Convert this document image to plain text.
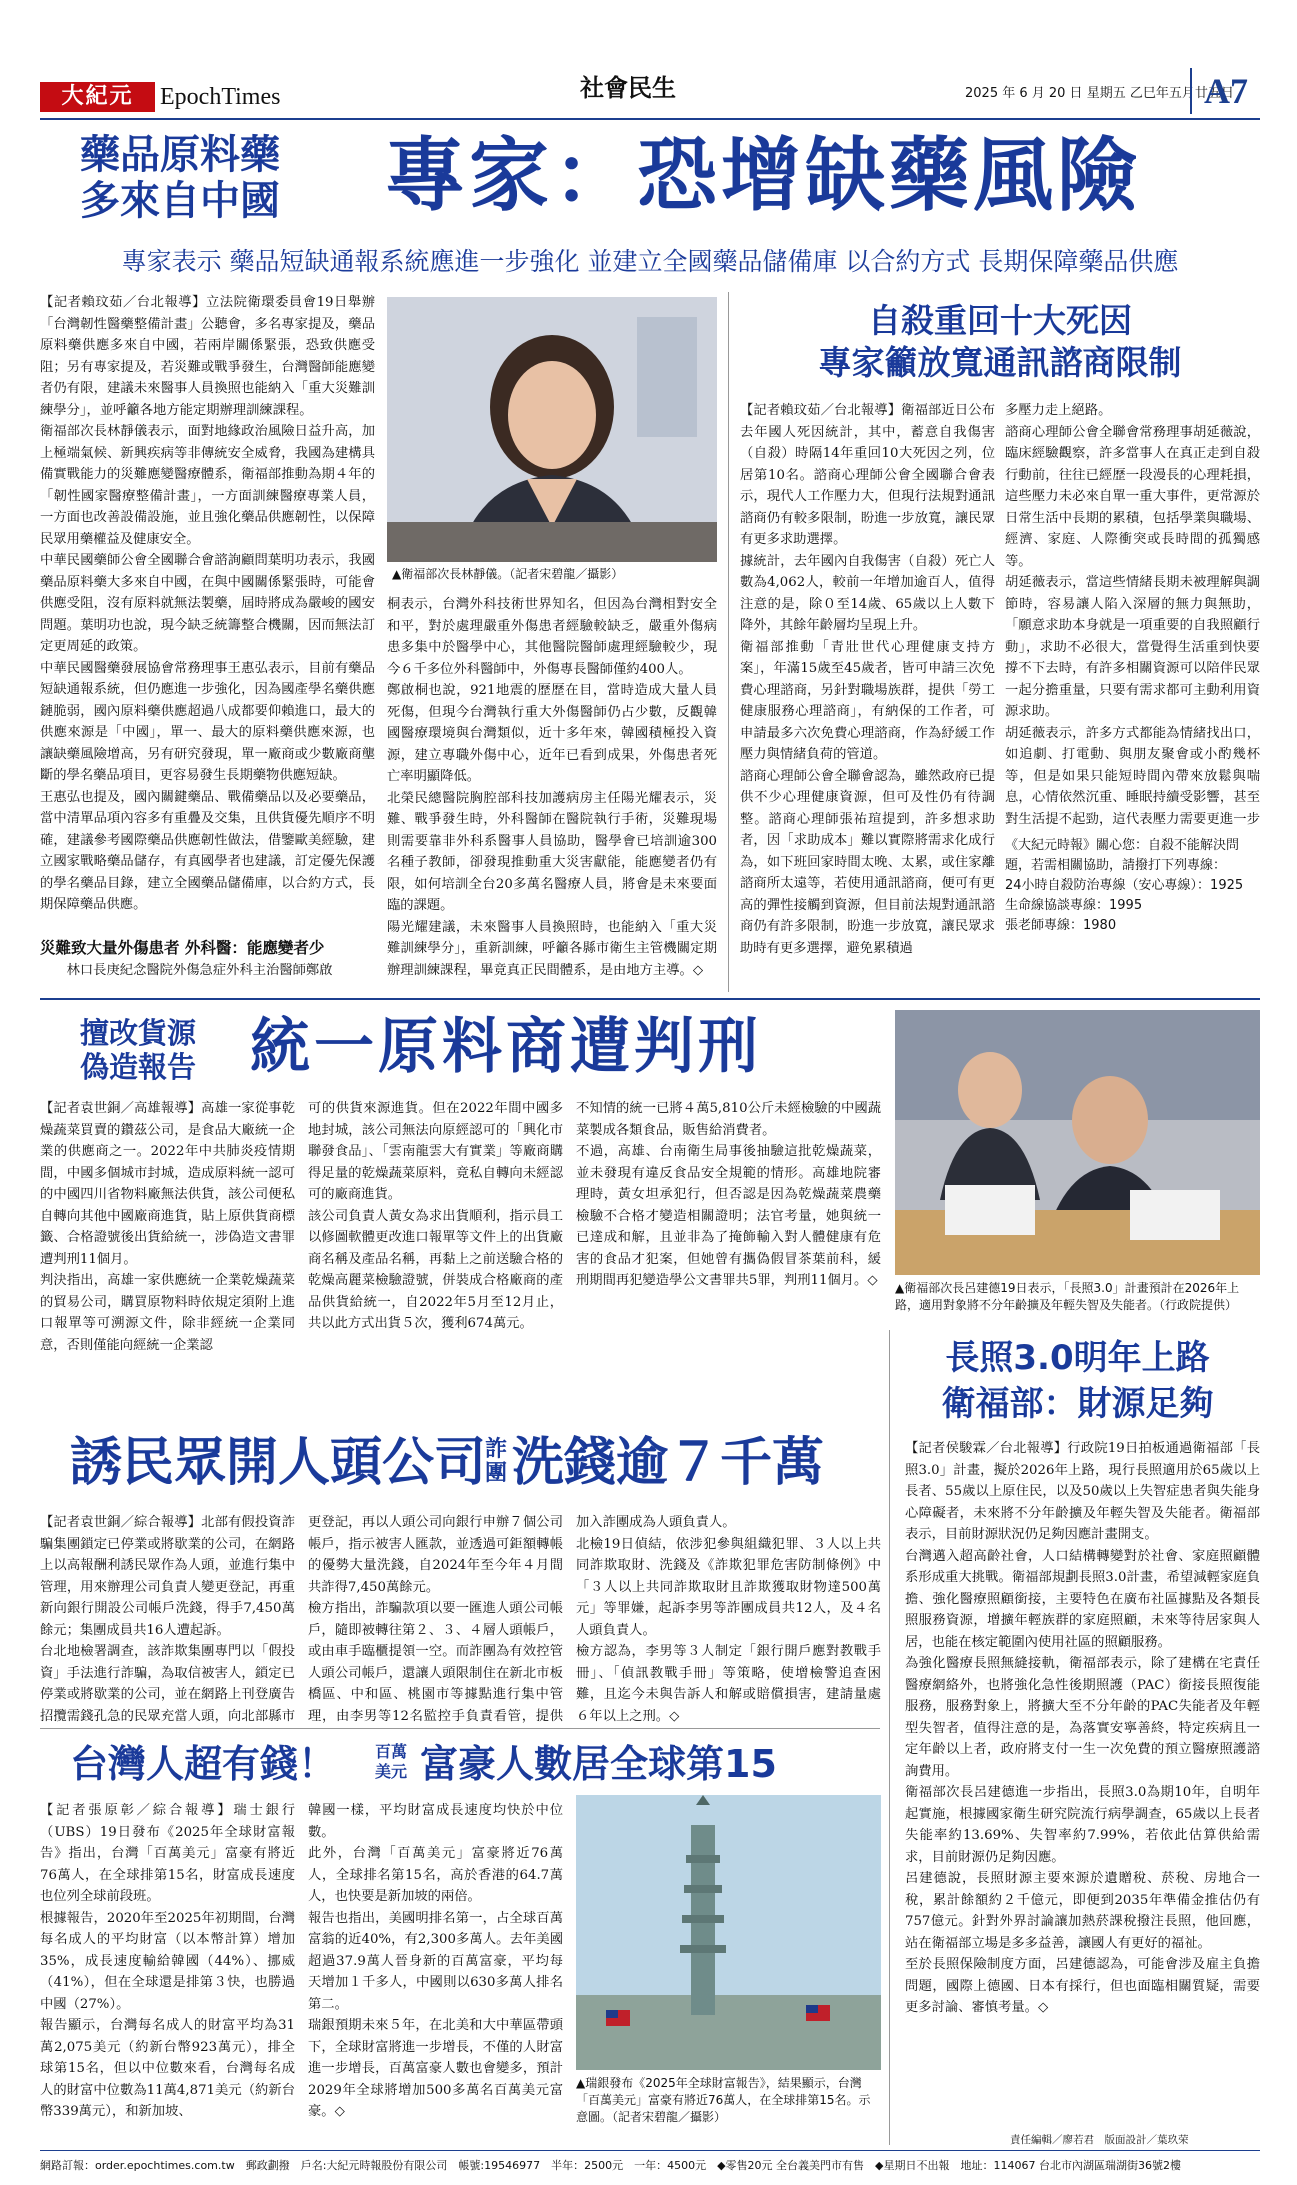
大紀元	EpochTimes	社會民生	2025 年 6 月 20 日 星期五 乙巳年五月廿五日
A7
藥品原料藥
多來自中國 專家：恐增缺藥風險
專家表示 藥品短缺通報系統應進一步強化 並建立全國藥品儲備庫 以合約方式 長期保障藥品供應
【記者賴玟茹／台北報導】立法院衛環委員會19日舉辦「台灣韌性醫藥整備計畫」公聽會，多名專家提及，藥品原料藥供應多來自中國，若兩岸關係緊張，恐致供應受阻；另有專家提及，若災難或戰爭發生，台灣醫師能應變者仍有限，建議未來醫事人員換照也能納入「重大災難訓練學分」，並呼籲各地方能定期辦理訓練課程。
衛福部次長林靜儀表示，面對地緣政治風險日益升高，加上極端氣候、新興疾病等非傳統安全威脅，我國為建構具備實戰能力的災難應變醫療體系，衛福部推動為期４年的「韌性國家醫療整備計畫」，一方面訓練醫療專業人員，一方面也改善設備設施，並且強化藥品供應韌性，以保障民眾用藥權益及健康安全。
中華民國藥師公會全國聯合會諮詢顧問葉明功表示，我國藥品原料藥大多來自中國，在與中國關係緊張時，可能會供應受阻，沒有原料就無法製藥，屆時將成為嚴峻的國安問題。葉明功也說，現今缺乏統籌整合機關，因而無法訂定更周延的政策。
中華民國醫藥發展協會常務理事王惠弘表示，目前有藥品短缺通報系統，但仍應進一步強化，因為國產學名藥供應鏈脆弱，國內原料藥供應超過八成都要仰賴進口，最大的供應來源是「中國」，單一、最大的原料藥供應來源，也讓缺藥風險增高，另有研究發現，單一廠商或少數廠商壟斷的學名藥品項目，更容易發生長期藥物供應短缺。
王惠弘也提及，國內關鍵藥品、戰備藥品以及必要藥品，當中清單品項內容多有重疊及交集，且供貨優先順序不明確，建議參考國際藥品供應韌性做法，借鑒歐美經驗，建立國家戰略藥品儲存，有真國學者也建議，訂定優先保護的學名藥品目錄，建立全國藥品儲備庫，以合約方式，長期保障藥品供應。
災難致大量外傷患者 外科醫：能應變者少
林口長庚紀念醫院外傷急症外科主治醫師鄭啟
▲衛福部次長林靜儀。（記者宋碧龍／攝影）
桐表示，台灣外科技術世界知名，但因為台灣相對安全和平，對於處理嚴重外傷患者經驗較缺乏，嚴重外傷病患多集中於醫學中心，其他醫院醫師處理經驗較少，現今６千多位外科醫師中，外傷專長醫師僅約400人。
鄭啟桐也說，921地震的歷歷在目，當時造成大量人員死傷，但現今台灣執行重大外傷醫師仍占少數，反觀韓國醫療環境與台灣類似，近十多年來，韓國積極投入資源，建立專職外傷中心，近年已看到成果，外傷患者死亡率明顯降低。
北榮民總醫院胸腔部科技加護病房主任陽光耀表示，災難、戰爭發生時，外科醫師在醫院執行手術，災難現場則需要靠非外科系醫事人員協助，醫學會已培訓逾300名種子教師，卻發現推動重大災害獻能，能應變者仍有限，如何培訓全台20多萬名醫療人員，將會是未來要面臨的課題。
陽光耀建議，未來醫事人員換照時，也能納入「重大災難訓練學分」，重新訓練，呼籲各縣市衛生主管機關定期辦理訓練課程，畢竟真正民間體系，是由地方主導。◇
自殺重回十大死因
專家籲放寬通訊諮商限制
【記者賴玟茹／台北報導】衛福部近日公布去年國人死因統計，其中，蓄意自我傷害（自殺）時隔14年重回10大死因之列，位居第10名。諮商心理師公會全國聯合會表示，現代人工作壓力大，但現行法規對通訊諮商仍有較多限制，盼進一步放寬，讓民眾有更多求助選擇。
據統計，去年國內自我傷害（自殺）死亡人數為4,062人，較前一年增加逾百人，值得注意的是，除０至14歲、65歲以上人數下降外，其餘年齡層均呈現上升。
衛福部推動「青壯世代心理健康支持方案」，年滿15歲至45歲者，皆可申請三次免費心理諮商，另針對職場族群，提供「勞工健康服務心理諮商」，有納保的工作者，可申請最多六次免費心理諮商，作為紓緩工作壓力與情緒負荷的管道。
諮商心理師公會全聯會認為，雖然政府已提供不少心理健康資源，但可及性仍有待調整。諮商心理師張祐瑄提到，許多想求助者，因「求助成本」難以實際將需求化成行為，如下班回家時間太晚、太累，或住家離諮商所太遠等，若使用通訊諮商，便可有更高的彈性接觸到資源，但目前法規對通訊諮商仍有許多限制，盼進一步放寬，讓民眾求助時有更多選擇，避免累積過
多壓力走上絕路。
諮商心理師公會全聯會常務理事胡延薇說，臨床經驗觀察，許多當事人在真正走到自殺行動前，往往已經歷一段漫長的心理耗損，這些壓力未必來自單一重大事件，更常源於日常生活中長期的累積，包括學業與職場、經濟、家庭、人際衝突或長時間的孤獨感等。
胡延薇表示，當這些情緒長期未被理解與調節時，容易讓人陷入深層的無力與無助，「願意求助本身就是一項重要的自我照顧行動」，求助不必很大，當覺得生活重到快要撐不下去時，有許多相關資源可以陪伴民眾一起分擔重量，只要有需求都可主動利用資源求助。
胡延薇表示，許多方式都能為情緒找出口，如追劇、打電動、與朋友聚會或小酌幾杯等，但是如果只能短時間內帶來放鬆與喘息，心情依然沉重、睡眠持續受影響，甚至對生活提不起勁，這代表壓力需要更進一步
《大紀元時報》關心您：自殺不能解決問題，若需相關協助，請撥打下列專線：
24小時自殺防治專線（安心專線）：1925
生命線協談專線：1995
張老師專線：1980
擅改貨源
偽造報告 統一原料商遭判刑
【記者袁世銅／高雄報導】高雄一家從事乾燥蔬菜買賣的鑽茲公司，是食品大廠統一企業的供應商之一。2022年中共肺炎疫情期間，中國多個城市封城，造成原料統一認可的中國四川省物料廠無法供貨，該公司便私自轉向其他中國廠商進貨，貼上原供貨商標籤、合格證號後出貨給統一，涉偽造文書罪遭判刑11個月。
判決指出，高雄一家供應統一企業乾燥蔬菜的貿易公司，購買原物料時依規定須附上進口報單等可溯源文件，除非經統一企業同意，否則僅能向經統一企業認
可的供貨來源進貨。但在2022年間中國多地封城，該公司無法向原經認可的「興化市聯發食品」、「雲南龍雲大有實業」等廠商購得足量的乾燥蔬菜原料，竟私自轉向未經認可的廠商進貨。
該公司負責人黃女為求出貨順利，指示員工以修圖軟體更改進口報單等文件上的出貨廠商名稱及產品名稱，再黏上之前送驗合格的乾燥高麗菜檢驗證號，併裝成合格廠商的產品供貨給統一，自2022年5月至12月止，共以此方式出貨５次，獲利674萬元。
不知情的統一已將４萬5,810公斤未經檢驗的中國蔬菜製成各類食品，販售給消費者。
不過，高雄、台南衛生局事後抽驗這批乾燥蔬菜，並未發現有違反食品安全規範的情形。高雄地院審理時，黃女坦承犯行，但否認是因為乾燥蔬菜農藥檢驗不合格才變造相關證明；法官考量，她與統一已達成和解，且並非為了掩飾輸入對人體健康有危害的食品才犯案，但她曾有攜偽假冒茶葉前科，緩刑期間再犯變造學公文書罪共5罪，判刑11個月。◇ ▲衛福部次長呂建德19日表示，「長照3.0」計畫預計在2026年上路，適用對象將不分年齡擴及年輕失智及失能者。（行政院提供）
誘民眾開人頭公司
詐團 洗錢逾７千萬
【記者袁世銅／綜合報導】北部有假投資詐騙集團鎖定已停業或將歇業的公司，在網路上以高報酬利誘民眾作為人頭，並進行集中管理，用來辦理公司負責人變更登記，再重新向銀行開設公司帳戶洗錢，得手7,450萬餘元；集團成員共16人遭起訴。
台北地檢署調查，該詐欺集團專門以「假投資」手法進行詐騙，為取信被害人，鎖定已停業或將歇業的公司，並在網路上刊登廣告招攬需錢孔急的民眾充當人頭，向北部縣市
更登記，再以人頭公司向銀行申辦７個公司帳戶，指示被害人匯款，並透過可鉅額轉帳的優勢大量洗錢，自2024年至今年４月間共詐得7,450萬餘元。
檢方指出，詐騙款項以要一匯進人頭公司帳戶，隨即被轉往第２、３、４層人頭帳戶，或由車手臨櫃提領一空。而詐團為有效控管人頭公司帳戶，還讓人頭限制住在新北市板橋區、中和區、桃園市等據點進行集中管理，由李男等12名監控手負責看管，提供
加入詐團成為人頭負責人。
北檢19日偵結，依涉犯參與組織犯罪、３人以上共同詐欺取財、洗錢及《詐欺犯罪危害防制條例》中「３人以上共同詐欺取財且詐欺獲取財物達500萬元」等罪嫌，起訴李男等詐團成員共12人，及４名人頭負責人。
檢方認為，李男等３人制定「銀行開戶應對教戰手冊」、「偵訊教戰手冊」等策略，使增檢警追查困難，且迄今未與告訴人和解或賠償損害，建請量處６年以上之刑。◇
長照3.0明年上路
衛福部：財源足夠
【記者侯駿霖／台北報導】行政院19日拍板通過衛福部「長照3.0」計畫，擬於2026年上路，現行長照適用於65歲以上長者、55歲以上原住民，以及50歲以上失智症患者與失能身心障礙者，未來將不分年齡擴及年輕失智及失能者。衛福部表示，目前財源狀況仍足夠因應計畫開支。
台灣邁入超高齡社會，人口結構轉變對於社會、家庭照顧體系形成重大挑戰。衛福部規劃長照3.0計畫，希望減輕家庭負擔、強化醫療照顧銜接，主要特色在廣布社區據點及各類長照服務資源，增擴年輕族群的家庭照顧，未來等待居家與人居，也能在核定範圍內使用社區的照顧服務。
為強化醫療長照無縫接軌，衛福部表示，除了建構在宅責任醫療網絡外，也將強化急性後期照護（PAC）銜接長照復能服務，服務對象上，將擴大至不分年齡的PAC失能者及年輕型失智者，值得注意的是，為落實安寧善終，特定疾病且一定年齡以上者，政府將支付一生一次免費的預立醫療照護諮詢費用。
衛福部次長呂建德進一步指出，長照3.0為期10年，自明年起實施，根據國家衛生研究院流行病學調查，65歲以上長者失能率約13.69%、失智率約7.99%，若依此估算供給需求，目前財源仍足夠因應。
呂建德說，長照財源主要來源於遺贈稅、菸稅、房地合一稅，累計餘額約２千億元，即便到2035年準備金推估仍有757億元。針對外界討論讓加熱菸課稅撥注長照，他回應，站在衛福部立場是多多益善，讓國人有更好的福祉。
至於長照保險制度方面，呂建德認為，可能會涉及雇主負擔問題，國際上德國、日本有採行，但也面臨相關質疑，需要更多討論、審慎考量。◇
台灣人超有錢！ 百萬
美元 富豪人數居全球第15
【記者張原彰／綜合報導】瑞士銀行（UBS）19日發布《2025年全球財富報告》指出，台灣「百萬美元」富豪有將近76萬人，在全球排第15名，財富成長速度也位列全球前段班。
根據報告，2020年至2025年初期間，台灣每名成人的平均財富（以本幣計算）增加35%，成長速度輸給韓國（44%）、挪威（41%），但在全球還是排第３快，也勝過中國（27%）。
報告顯示，台灣每名成人的財富平均為31萬2,075美元（約新台幣923萬元），排全球第15名，但以中位數來看，台灣每名成人的財富中位數為11萬4,871美元（約新台幣339萬元），和新加坡、
韓國一樣，平均財富成長速度均快於中位數。
此外，台灣「百萬美元」富豪將近76萬人，全球排名第15名，高於香港的64.7萬人，也快要是新加坡的兩倍。
報告也指出，美國明排名第一，占全球百萬富翁的近40%，有2,300多萬人。去年美國超過37.9萬人晉身新的百萬富豪，平均每天增加１千多人，中國則以630多萬人排名第二。
瑞銀預期未來５年，在北美和大中華區帶頭下，全球財富將進一步增長，不僅的人財富進一步增長，百萬富豪人數也會變多，預計2029年全球將增加500多萬名百萬美元富豪。◇
▲瑞銀發布《2025年全球財富報告》，結果顯示，台灣「百萬美元」富豪有將近76萬人，在全球排第15名。示意圖。（記者宋碧龍／攝影）
責任編輯／廖若君　版面設計／葉玖荣
網路訂報：order.epochtimes.com.tw　郵政劃撥　戶名:大紀元時報股份有限公司　帳號:19546977　半年：2500元　一年：4500元　◆零售20元 全台義美門市有售　◆星期日不出報　地址：114067 台北市內湖區瑞湖街36號2樓
